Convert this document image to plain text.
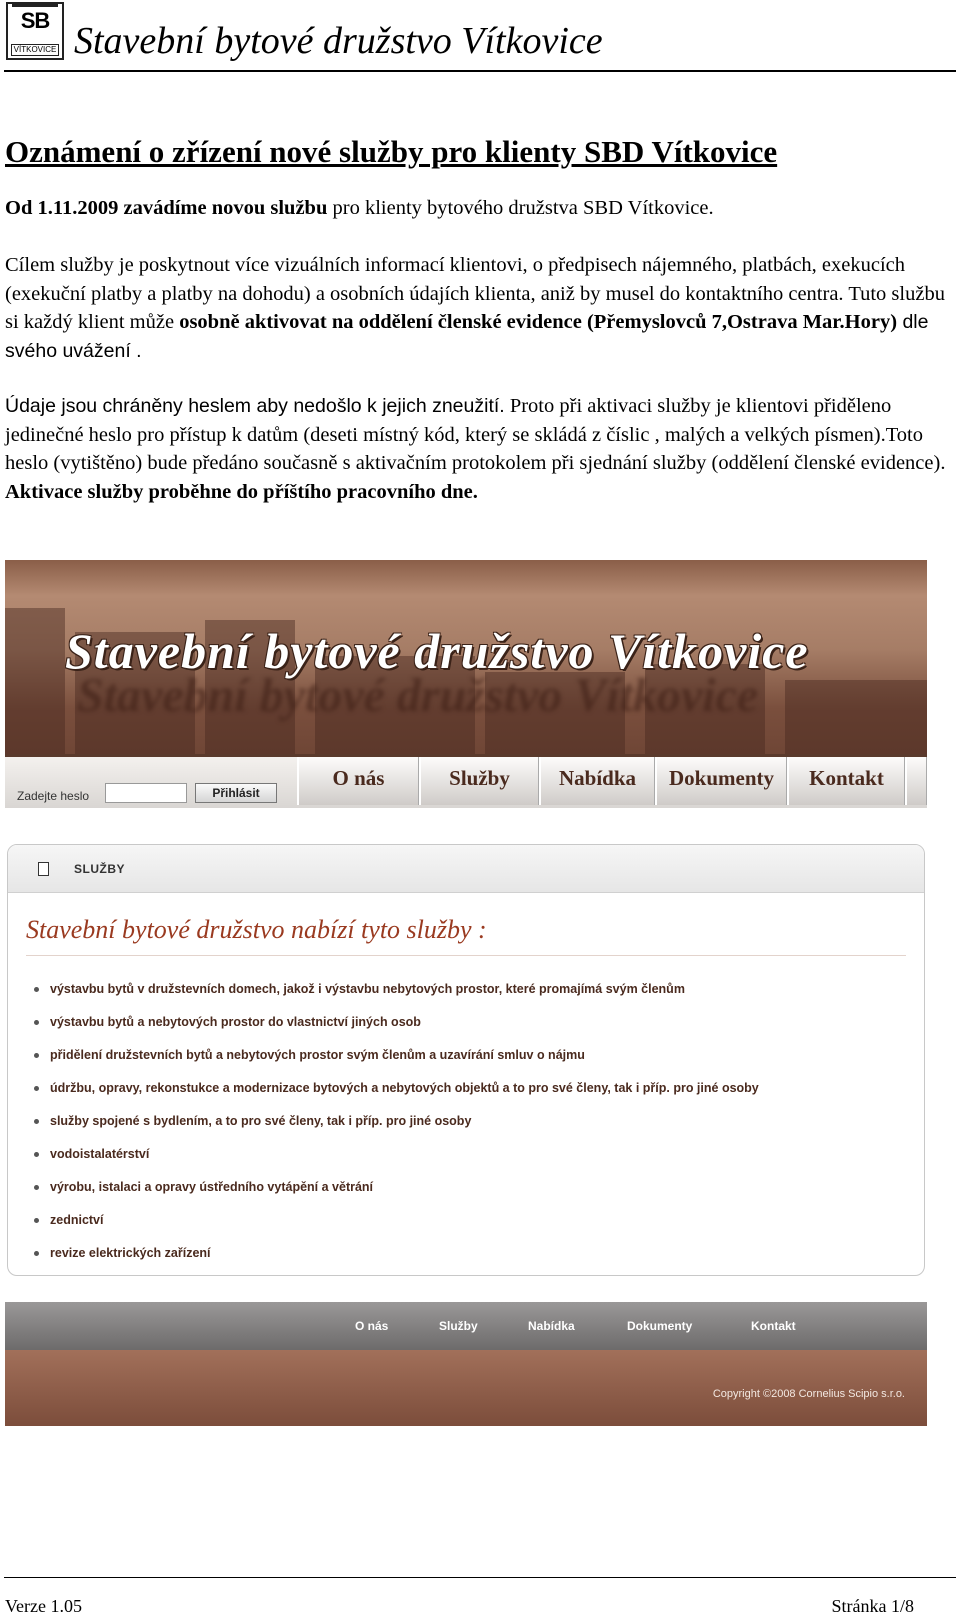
SB
VÍTKOVICE Stavební bytové družstvo Vítkovice
Oznámení o zřízení nové služby pro klienty SBD Vítkovice
Od 1.11.2009 zavádíme novou službu pro klienty bytového družstva SBD Vítkovice.
Cílem služby je poskytnout více vizuálních informací klientovi, o předpisech nájemného, platbách, exekucích (exekuční platby a platby na dohodu) a osobních údajích klienta, aniž by musel do kontaktního centra. Tuto službu si každý klient může osobně aktivovat na oddělení členské evidence (Přemyslovců 7,Ostrava Mar.Hory) dle svého uvážení .
Údaje jsou chráněny heslem aby nedošlo k jejich zneužití. Proto při aktivaci služby je klientovi přiděleno jedinečné heslo pro přístup k datům (deseti místný kód, který se skládá z číslic , malých a velkých písmen).Toto heslo (vytištěno) bude předáno současně s aktivačním protokolem při sjednání služby (oddělení členské evidence). Aktivace služby proběhne do příštího pracovního dne.
Stavební bytové družstvo Vítkovice
Stavební bytové družstvo Vítkovice
Zadejte heslo	Přihlásit
O nás	Služby	Nabídka	Dokumenty	Kontakt
SLUŽBY
Stavební bytové družstvo nabízí tyto služby :
výstavbu bytů v družstevních domech, jakož i výstavbu nebytových prostor, které promajímá svým členům
výstavbu bytů a nebytových prostor do vlastnictví jiných osob
přidělení družstevních bytů a nebytových prostor svým členům a uzavírání smluv o nájmu
údržbu, opravy, rekonstukce a modernizace bytových a nebytových objektů a to pro své členy, tak i příp. pro jiné osoby
služby spojené s bydlením, a to pro své členy, tak i příp. pro jiné osoby
vodoistalatérství
výrobu, istalaci a opravy ústředního vytápění a větrání
zednictví
revize elektrických zařízení
O nás	Služby	Nabídka	Dokumenty	Kontakt
Copyright ©2008 Cornelius Scipio s.r.o.
Verze 1.05	Stránka 1/8
